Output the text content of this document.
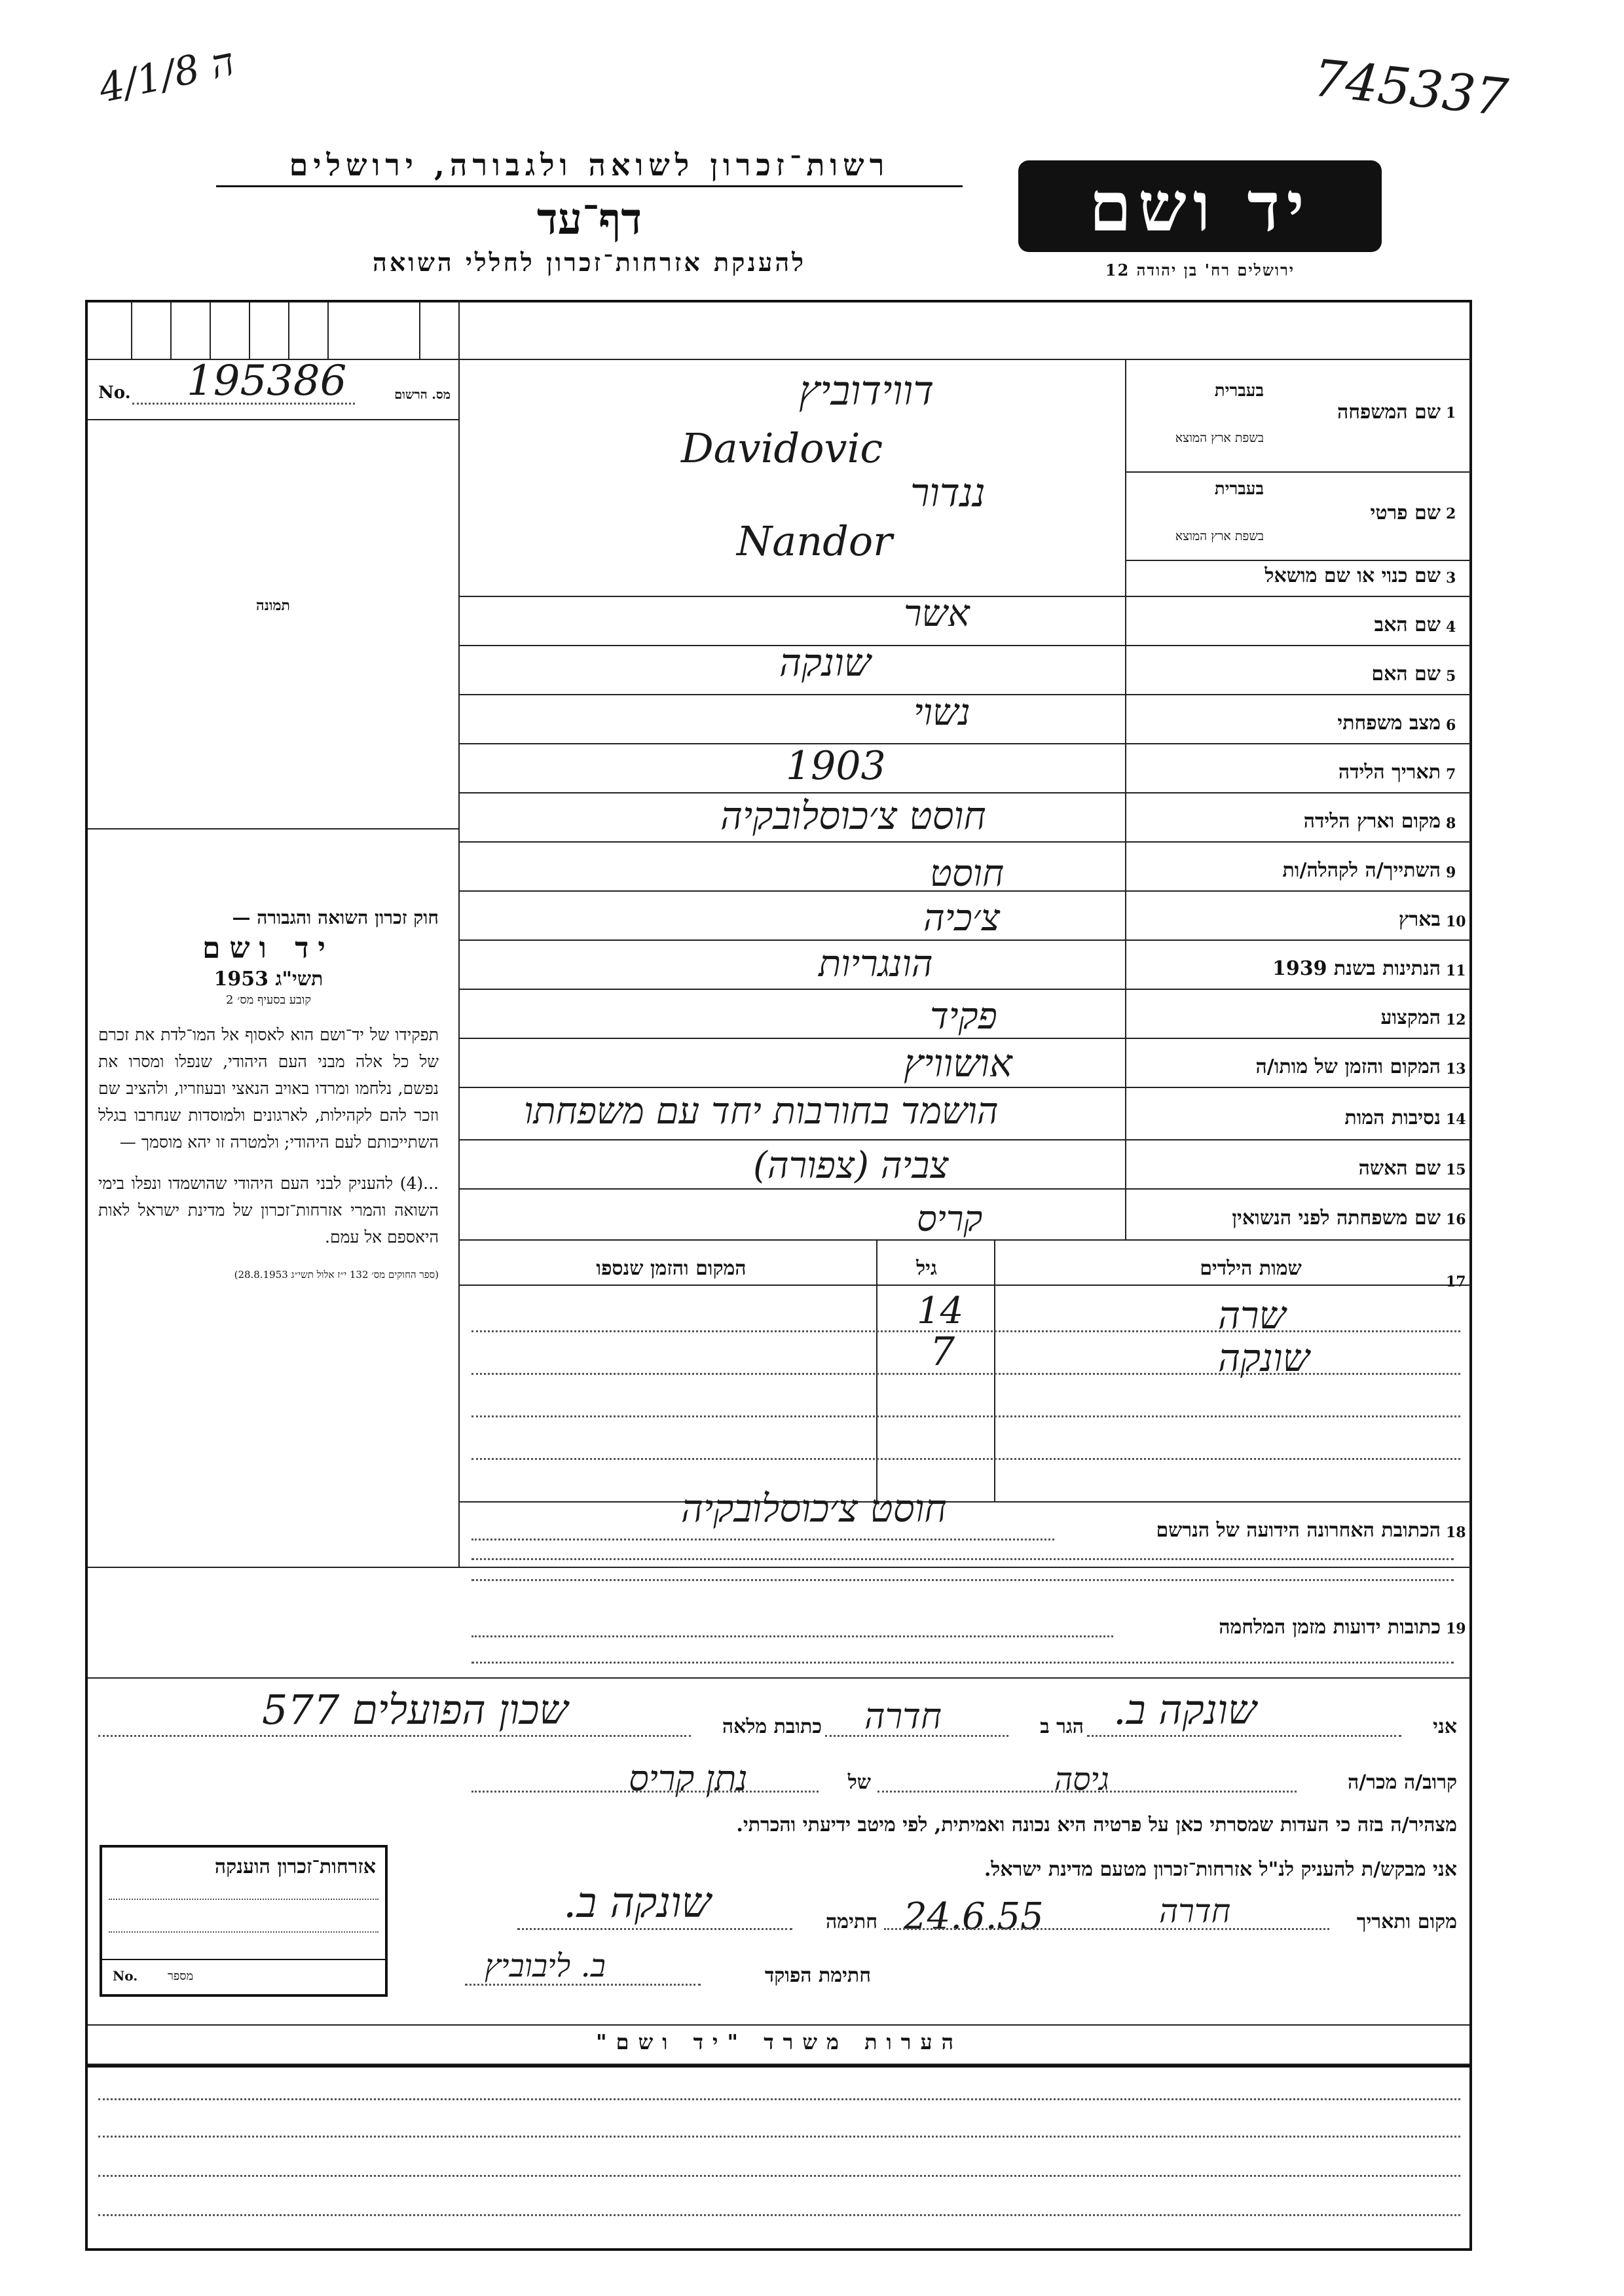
4/1/8 ה	745337
רשות־זכרון לשואה ולגבורה, ירושלים
דף־עד
להענקת אזרחות־זכרון לחללי השואה
יד ושם
ירושלים רח' בן יהודה 12
No. 195386	מס. הרשום
תמונה

חוק זכרון השואה והגבורה —

יד ושם

תשי"ג 1953

קובע בסעיף מס׳ 2

תפקידו של יד־ושם הוא לאסוף אל המו־לדת את זכרם של כל אלה מבני העם היהודי, שנפלו ומסרו את נפשם, נלחמו ומרדו באויב הנאצי ובעוזריו, ולהציב שם וזכר להם לקהילות, לארגונים ולמוסדות שנחרבו בגלל השתייכותם לעם היהודי; ולמטרה זו יהא מוסמך —

...(4) להעניק לבני העם היהודי שהושמדו ונפלו בימי השואה והמרי אזרחות־זכרון של מדינת ישראל לאות היאספם אל עמם.

(ספר החוקים מס׳ 132 י״ז אלול תשי״ג 28.8.1953)

1
שם המשפחה
בעברית
בשפת ארץ המוצא
דווידוביץ
Davidovic
2
שם פרטי
בעברית
בשפת ארץ המוצא
ננדור
Nandor
3
שם כנוי או שם מושאל
4
שם האב
אשר
5
שם האם
שונקה
6
מצב משפחתי
נשוי
7
תאריך הלידה
1903
8
מקום וארץ הלידה
חוסט צ׳כוסלובקיה
9
השתייך/ה לקהלה/ות
חוסט
10
בארץ
צ׳כיה
11
הנתינות בשנת 1939
הונגריות
12
המקצוע
פקיד
13
המקום והזמן של מותו/ה
אושוויץ
14
נסיבות המות
הושמד בחורבות יחד עם משפחתו
15
שם האשה
צביה (צפורה)
16
שם משפחתה לפני הנשואין
קריס
17
שמות הילדים
גיל
המקום והזמן שנספו
שרה
14
שונקה
7
18
הכתובת האחרונה הידועה של הנרשם
חוסט צ׳כוסלובקיה
19
כתובות ידועות מזמן המלחמה
אני
שונקה ב.
הגר ב
חדרה
כתובת מלאה
שכון הפועלים 577
קרוב/ה מכר/ה
גיסה
של
נתן קריס
מצהיר/ה בזה כי העדות שמסרתי כאן על פרטיה היא נכונה ואמיתית, לפי מיטב ידיעתי והכרתי.
אני מבקש/ת להעניק לנ"ל אזרחות־זכרון מטעם מדינת ישראל.
מקום ותאריך
חדרה
24.6.55
חתימה
שונקה ב.
חתימת הפוקד
ב. ליבוביץ
אזרחות־זכרון הוענקה
No.	מספר
הערות משרד "יד ושם"
